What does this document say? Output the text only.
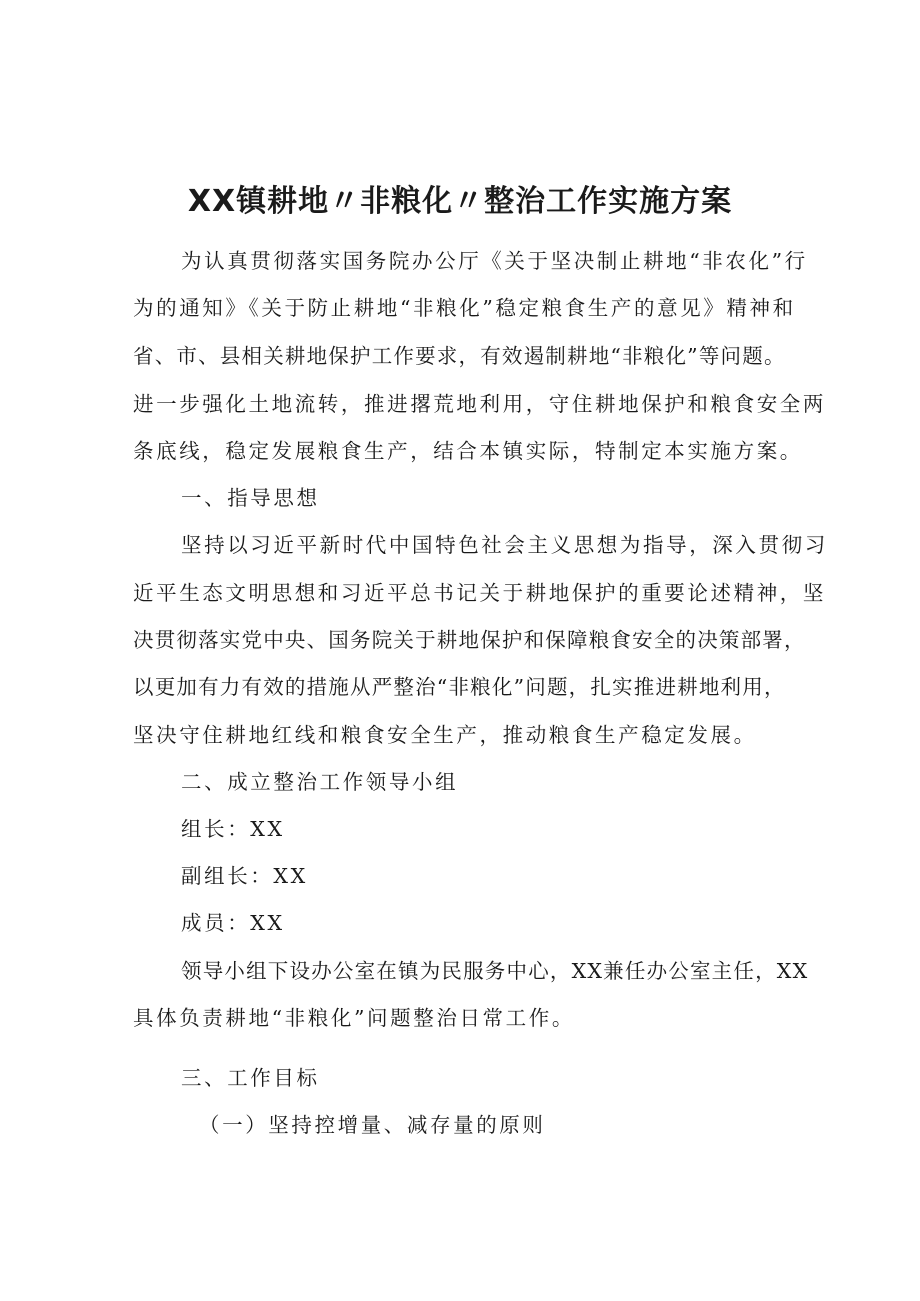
XX镇耕地〃非粮化〃整治工作实施方案
为认真贯彻落实国务院办公厅《关于坚决制止耕地“非农化”行
为的通知》《关于防止耕地“非粮化”稳定粮食生产的意见》精神和
省、市、县相关耕地保护工作要求，有效遏制耕地“非粮化”等问题。
进一步强化土地流转，推进撂荒地利用，守住耕地保护和粮食安全两
条底线，稳定发展粮食生产，结合本镇实际，特制定本实施方案。
一、指导思想
坚持以习近平新时代中国特色社会主义思想为指导，深入贯彻习
近平生态文明思想和习近平总书记关于耕地保护的重要论述精神，坚
决贯彻落实党中央、国务院关于耕地保护和保障粮食安全的决策部署，
以更加有力有效的措施从严整治“非粮化”问题，扎实推进耕地利用，
坚决守住耕地红线和粮食安全生产，推动粮食生产稳定发展。
二、成立整治工作领导小组
组长：XX
副组长：XX
成员：XX
领导小组下设办公室在镇为民服务中心，XX兼任办公室主任，XX
具体负责耕地“非粮化”问题整治日常工作。
三、工作目标
（一）坚持控增量、减存量的原则
